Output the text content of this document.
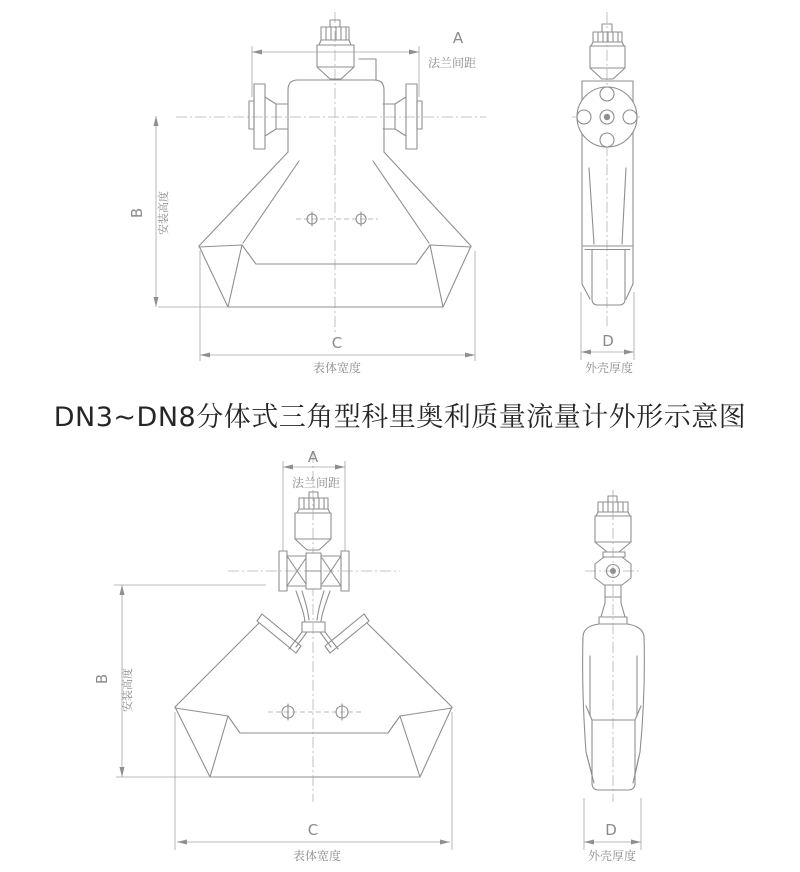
A
法兰间距
B 安装高度
C
表体宽度
D
外壳厚度
DN3~DN8分体式三角型科里奥利质量流量计外形示意图
A
法兰间距
B 安装高度
C
表体宽度
D
外壳厚度
